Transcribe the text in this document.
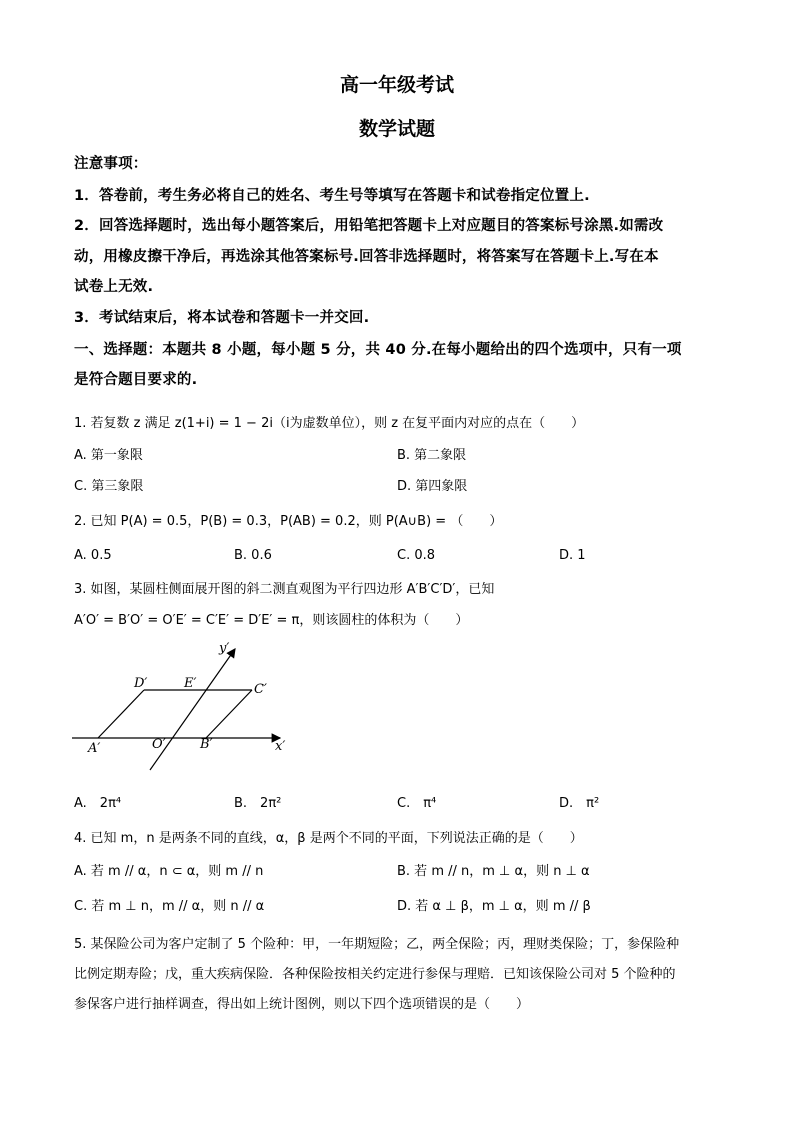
高一年级考试
数学试题
注意事项：
1．答卷前，考生务必将自己的姓名、考生号等填写在答题卡和试卷指定位置上.
2．回答选择题时，选出每小题答案后，用铅笔把答题卡上对应题目的答案标号涂黑.如需改
动，用橡皮擦干净后，再选涂其他答案标号.回答非选择题时，将答案写在答题卡上.写在本
试卷上无效.
3．考试结束后，将本试卷和答题卡一并交回.
一、选择题：本题共 8 小题，每小题 5 分，共 40 分.在每小题给出的四个选项中，只有一项
是符合题目要求的.
1. 若复数 z 满足 z(1+i) = 1 − 2i（i为虚数单位），则 z 在复平面内对应的点在（　　）
A. 第一象限	B. 第二象限
C. 第三象限	D. 第四象限
2. 已知 P(A) = 0.5，P(B) = 0.3，P(AB) = 0.2，则 P(A∪B) = （　　）
A. 0.5	B. 0.6	C. 0.8	D. 1
3. 如图，某圆柱侧面展开图的斜二测直观图为平行四边形 A′B′C′D′，已知
A′O′ = B′O′ = O′E′ = C′E′ = D′E′ = π，则该圆柱的体积为（　　）
y′
D′	E′	C′
A′	O′	B′	x′
A.　2π⁴	B.　2π²	C.　π⁴	D.　π²
4. 已知 m，n 是两条不同的直线，α，β 是两个不同的平面，下列说法正确的是（　　）
A. 若 m // α，n ⊂ α，则 m // n	B. 若 m // n，m ⊥ α，则 n ⊥ α
C. 若 m ⊥ n，m // α，则 n // α	D. 若 α ⊥ β，m ⊥ α，则 m // β
5. 某保险公司为客户定制了 5 个险种：甲，一年期短险；乙，两全保险；丙，理财类保险；丁，参保险种
比例定期寿险；戊，重大疾病保险．各种保险按相关约定进行参保与理赔．已知该保险公司对 5 个险种的
参保客户进行抽样调查，得出如上统计图例，则以下四个选项错误的是（　　）
